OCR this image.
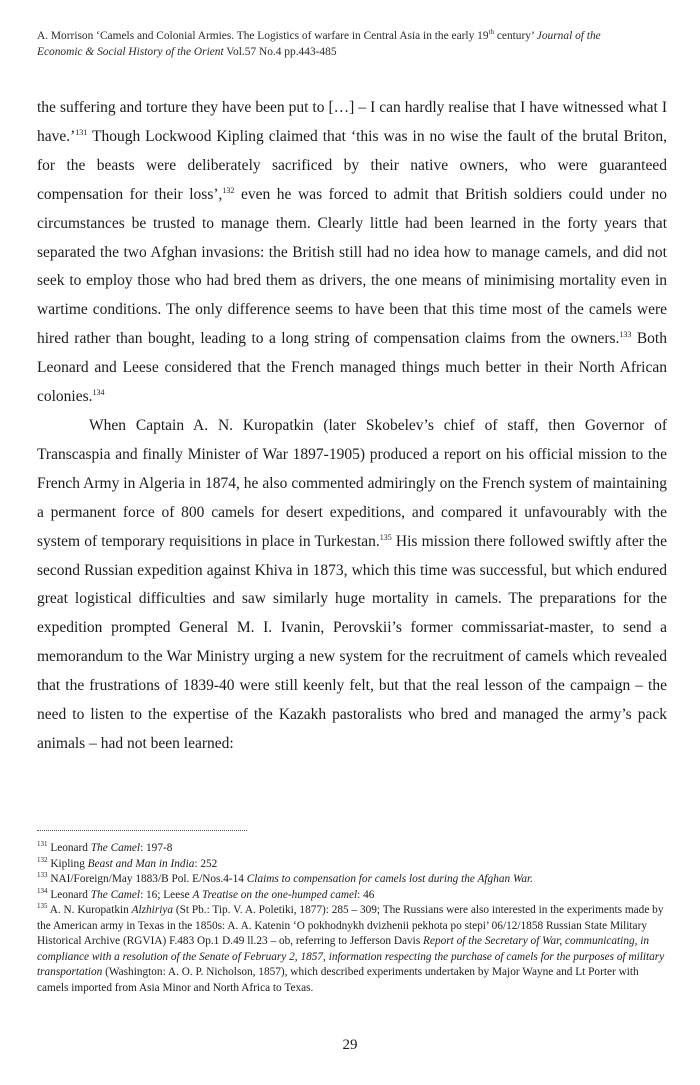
A. Morrison ‘Camels and Colonial Armies. The Logistics of warfare in Central Asia in the early 19th century’ Journal of the
Economic & Social History of the Orient Vol.57 No.4 pp.443-485

the suffering and torture they have been put to […] – I can hardly realise that I have witnessed what I have.’$^{131}$ Though Lockwood Kipling claimed that ‘this was in no wise the fault of the brutal Briton, for the beasts were deliberately sacrificed by their native owners, who were guaranteed compensation for their loss’,$^{132}$ even he was forced to admit that British soldiers could under no circumstances be trusted to manage them. Clearly little had been learned in the forty years that separated the two Afghan invasions: the British still had no idea how to manage camels, and did not seek to employ those who had bred them as drivers, the one means of minimising mortality even in wartime conditions. The only difference seems to have been that this time most of the camels were hired rather than bought, leading to a long string of compensation claims from the owners.$^{133}$ Both Leonard and Leese considered that the French managed things much better in their North African colonies.$^{134}$

When Captain A. N. Kuropatkin (later Skobelev’s chief of staff, then Governor of Transcaspia and finally Minister of War 1897-1905) produced a report on his official mission to the French Army in Algeria in 1874, he also commented admiringly on the French system of maintaining a permanent force of 800 camels for desert expeditions, and compared it unfavourably with the system of temporary requisitions in place in Turkestan.$^{135}$ His mission there followed swiftly after the second Russian expedition against Khiva in 1873, which this time was successful, but which endured great logistical difficulties and saw similarly huge mortality in camels. The preparations for the expedition prompted General M. I. Ivanin, Perovskii’s former commissariat-master, to send a memorandum to the War Ministry urging a new system for the recruitment of camels which revealed that the frustrations of 1839-40 were still keenly felt, but that the real lesson of the campaign – the need to listen to the expertise of the Kazakh pastoralists who bred and managed the army’s pack animals – had not been learned:

$^{131}$ Leonard The Camel: 197-8

$^{132}$ Kipling Beast and Man in India: 252

$^{133}$ NAI/Foreign/May 1883/B Pol. E/Nos.4-14 Claims to compensation for camels lost during the Afghan War.

$^{134}$ Leonard The Camel: 16; Leese A Treatise on the one-humped camel: 46

$^{135}$ A. N. Kuropatkin Alzhiriya (St Pb.: Tip. V. A. Poletiki, 1877): 285 – 309; The Russians were also interested in the experiments made by the American army in Texas in the 1850s: A. A. Katenin ‘O pokhodnykh dvizhenii pekhota po stepi’ 06/12/1858 Russian State Military Historical Archive (RGVIA) F.483 Op.1 D.49 ll.23 – ob, referring to Jefferson Davis Report of the Secretary of War, communicating, in compliance with a resolution of the Senate of February 2, 1857, information respecting the purchase of camels for the purposes of military transportation (Washington: A. O. P. Nicholson, 1857), which described experiments undertaken by Major Wayne and Lt Porter with camels imported from Asia Minor and North Africa to Texas.

29
